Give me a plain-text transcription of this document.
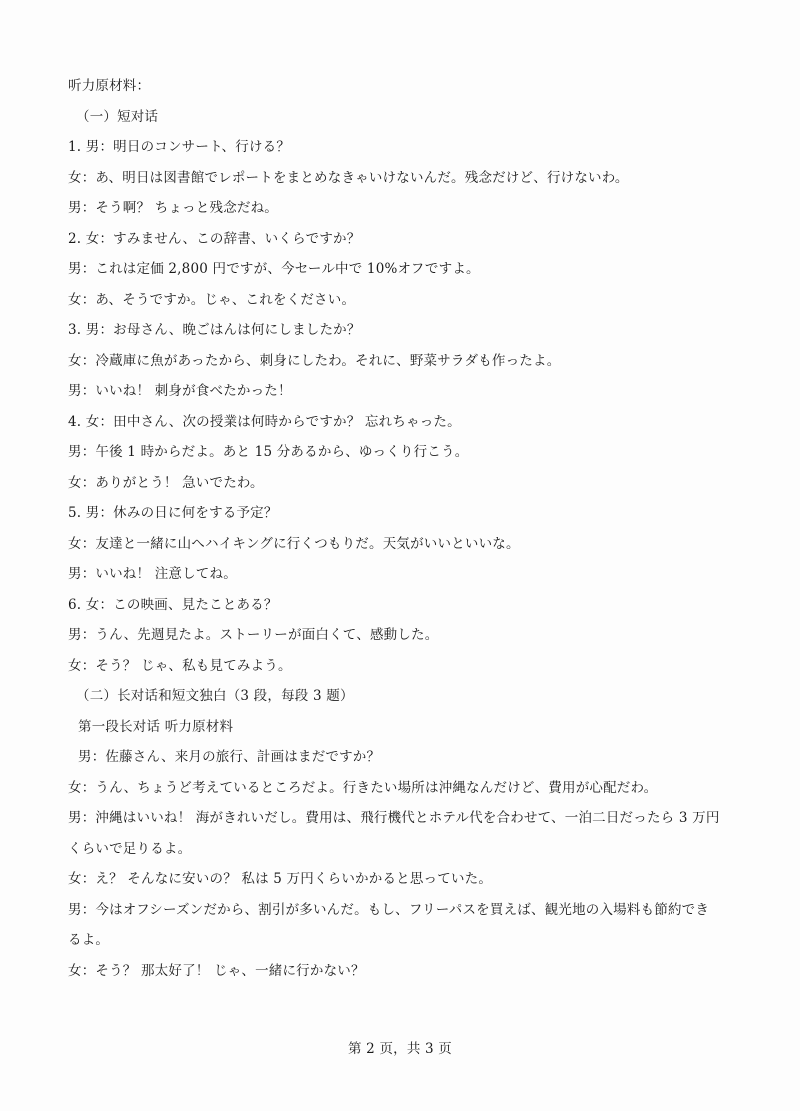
听力原材料：
（一）短对话
1. 男：明日のコンサート、行ける？
女：あ、明日は図書館でレポートをまとめなきゃいけないんだ。残念だけど、行けないわ。
男：そう啊？ ちょっと残念だね。
2. 女：すみません、この辞書、いくらですか？
男：これは定価 2,800 円ですが、今セール中で 10%オフですよ。
女：あ、そうですか。じゃ、これをください。
3. 男：お母さん、晩ごはんは何にしましたか？
女：冷蔵庫に魚があったから、刺身にしたわ。それに、野菜サラダも作ったよ。
男：いいね！ 刺身が食べたかった！
4. 女：田中さん、次の授業は何時からですか？ 忘れちゃった。
男：午後 1 時からだよ。あと 15 分あるから、ゆっくり行こう。
女：ありがとう！ 急いでたわ。
5. 男：休みの日に何をする予定？
女：友達と一緒に山へハイキングに行くつもりだ。天気がいいといいな。
男：いいね！ 注意してね。
6. 女：この映画、見たことある？
男：うん、先週見たよ。ストーリーが面白くて、感動した。
女：そう？ じゃ、私も見てみよう。
（二）长对话和短文独白（3 段，每段 3 题）
第一段长对话 听力原材料
男：佐藤さん、来月の旅行、計画はまだですか？
女：うん、ちょうど考えているところだよ。行きたい場所は沖縄なんだけど、費用が心配だわ。
男：沖縄はいいね！ 海がきれいだし。費用は、飛行機代とホテル代を合わせて、一泊二日だったら 3 万円
くらいで足りるよ。
女：え？ そんなに安いの？ 私は 5 万円くらいかかると思っていた。
男：今はオフシーズンだから、割引が多いんだ。もし、フリーパスを買えば、観光地の入場料も節約でき
るよ。
女：そう？ 那太好了！ じゃ、一緒に行かない？
第 2 页，共 3 页
